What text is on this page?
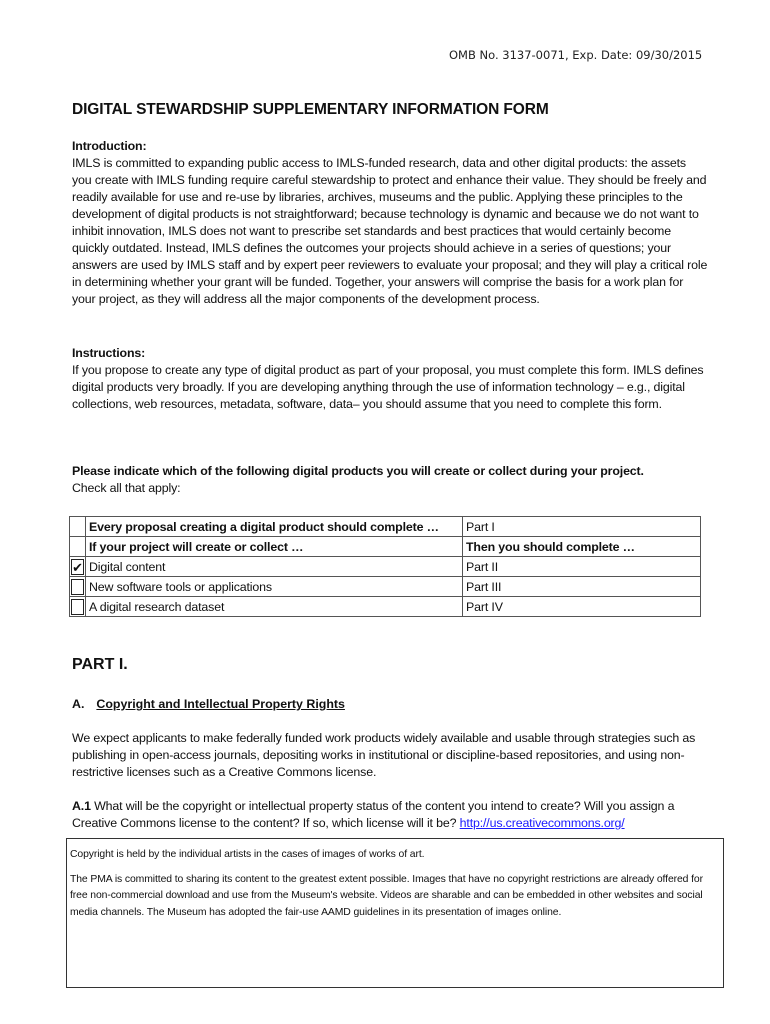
OMB No. 3137-0071, Exp. Date: 09/30/2015
DIGITAL STEWARDSHIP SUPPLEMENTARY INFORMATION FORM
Introduction:
IMLS is committed to expanding public access to IMLS-funded research, data and other digital products: the assets you create with IMLS funding require careful stewardship to protect and enhance their value. They should be freely and readily available for use and re-use by libraries, archives, museums and the public. Applying these principles to the development of digital products is not straightforward; because technology is dynamic and because we do not want to inhibit innovation, IMLS does not want to prescribe set standards and best practices that would certainly become quickly outdated. Instead, IMLS defines the outcomes your projects should achieve in a series of questions; your answers are used by IMLS staff and by expert peer reviewers to evaluate your proposal; and they will play a critical role in determining whether your grant will be funded. Together, your answers will comprise the basis for a work plan for your project, as they will address all the major components of the development process.
Instructions:
If you propose to create any type of digital product as part of your proposal, you must complete this form. IMLS defines digital products very broadly. If you are developing anything through the use of information technology – e.g., digital collections, web resources, metadata, software, data– you should assume that you need to complete this form.
Please indicate which of the following digital products you will create or collect during your project.
Check all that apply:
	Every proposal creating a digital product should complete …	Part I
	If your project will create or collect …	Then you should complete …

✔	Digital content	Part II

	New software tools or applications	Part III

	A digital research dataset	Part IV
PART I.
A. Copyright and Intellectual Property Rights
We expect applicants to make federally funded work products widely available and usable through strategies such as publishing in open-access journals, depositing works in institutional or discipline-based repositories, and using non-restrictive licenses such as a Creative Commons license.
A.1 What will be the copyright or intellectual property status of the content you intend to create? Will you assign a Creative Commons license to the content? If so, which license will it be? http://us.creativecommons.org/

Copyright is held by the individual artists in the cases of images of works of art.

The PMA is committed to sharing its content to the greatest extent possible. Images that have no copyright restrictions are already offered for free non-commercial download and use from the Museum's website. Videos are sharable and can be embedded in other websites and social media channels. The Museum has adopted the fair-use AAMD guidelines in its presentation of images online.
